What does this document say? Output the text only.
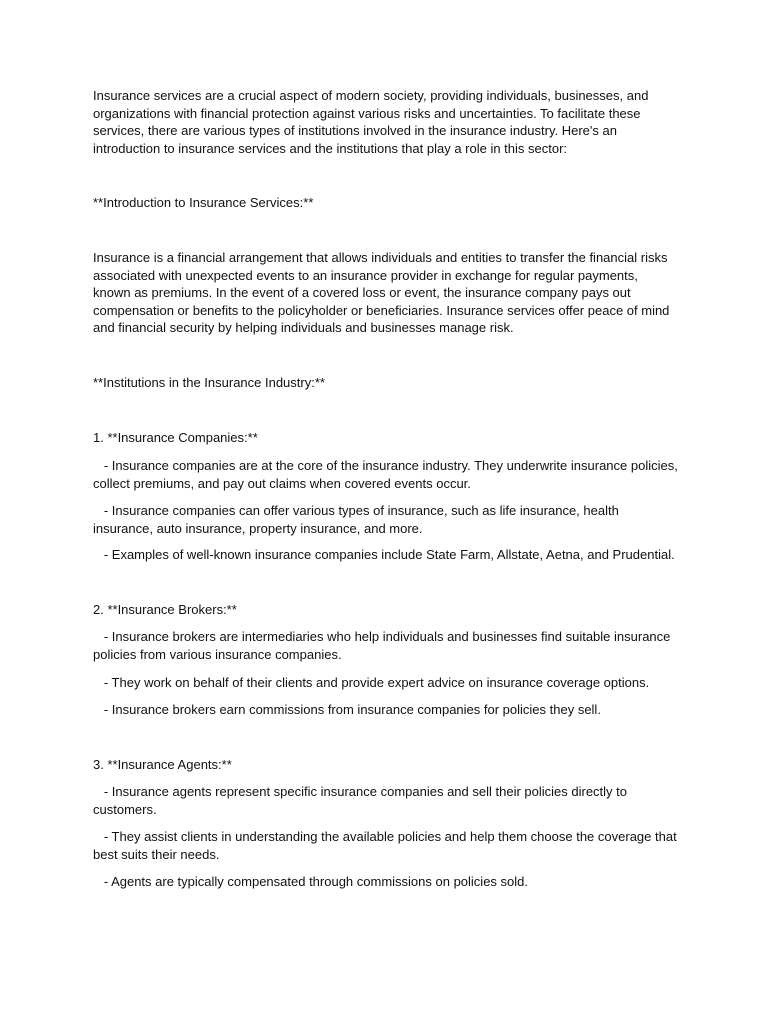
Insurance services are a crucial aspect of modern society, providing individuals, businesses, and organizations with financial protection against various risks and uncertainties. To facilitate these services, there are various types of institutions involved in the insurance industry. Here's an introduction to insurance services and the institutions that play a role in this sector:

**Introduction to Insurance Services:**

Insurance is a financial arrangement that allows individuals and entities to transfer the financial risks associated with unexpected events to an insurance provider in exchange for regular payments, known as premiums. In the event of a covered loss or event, the insurance company pays out compensation or benefits to the policyholder or beneficiaries. Insurance services offer peace of mind and financial security by helping individuals and businesses manage risk.

**Institutions in the Insurance Industry:**

1. **Insurance Companies:**

- Insurance companies are at the core of the insurance industry. They underwrite insurance policies, collect premiums, and pay out claims when covered events occur.

- Insurance companies can offer various types of insurance, such as life insurance, health insurance, auto insurance, property insurance, and more.

- Examples of well-known insurance companies include State Farm, Allstate, Aetna, and Prudential.

2. **Insurance Brokers:**

- Insurance brokers are intermediaries who help individuals and businesses find suitable insurance policies from various insurance companies.

- They work on behalf of their clients and provide expert advice on insurance coverage options.

- Insurance brokers earn commissions from insurance companies for policies they sell.

3. **Insurance Agents:**

- Insurance agents represent specific insurance companies and sell their policies directly to customers.

- They assist clients in understanding the available policies and help them choose the coverage that best suits their needs.

- Agents are typically compensated through commissions on policies sold.
